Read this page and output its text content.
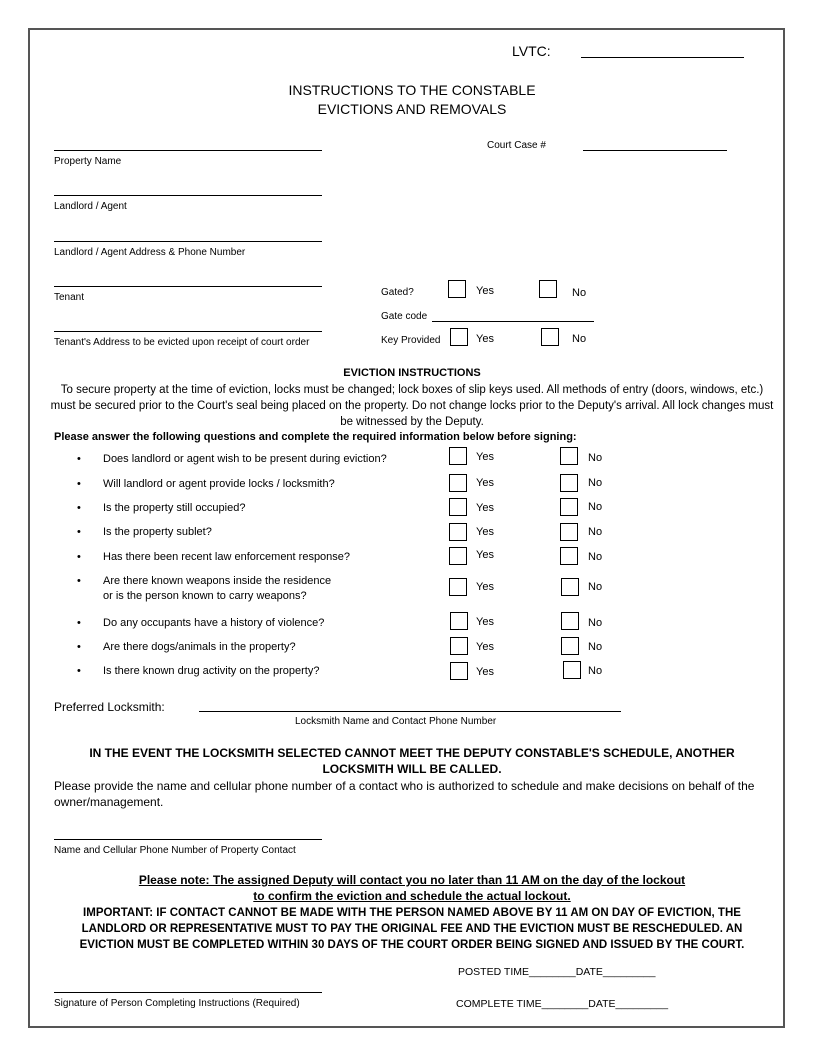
LVTC:
INSTRUCTIONS TO THE CONSTABLE
EVICTIONS AND REMOVALS
Property Name
Court Case #
Landlord / Agent
Landlord / Agent Address & Phone Number
Tenant	Gated?	Yes	No
Gate code
Tenant's Address to be evicted upon receipt of court order	Key Provided	Yes	No
EVICTION INSTRUCTIONS
To secure property at the time of eviction, locks must be changed; lock boxes of slip keys used. All methods of entry (doors, windows, etc.) must be secured prior to the Court's seal being placed on the property. Do not change locks prior to the Deputy's arrival. All lock changes must be witnessed by the Deputy.
Please answer the following questions and complete the required information below before signing:
• Does landlord or agent wish to be present during eviction?	Yes	No
• Will landlord or agent provide locks / locksmith?	Yes	No
• Is the property still occupied?	Yes	No
• Is the property sublet?	Yes	No
• Has there been recent law enforcement response?	Yes	No
• Are there known weapons inside the residence
or is the person known to carry weapons?
Yes	No
• Do any occupants have a history of violence?	Yes	No
• Are there dogs/animals in the property?	Yes	No
• Is there known drug activity on the property?	Yes	No
Preferred Locksmith:
Locksmith Name and Contact Phone Number
IN THE EVENT THE LOCKSMITH SELECTED CANNOT MEET THE DEPUTY CONSTABLE'S SCHEDULE, ANOTHER
LOCKSMITH WILL BE CALLED.
Please provide the name and cellular phone number of a contact who is authorized to schedule and make decisions on behalf of the owner/management.
Name and Cellular Phone Number of Property Contact
Please note: The assigned Deputy will contact you no later than 11 AM on the day of the lockout
to confirm the eviction and schedule the actual lockout.
IMPORTANT: IF CONTACT CANNOT BE MADE WITH THE PERSON NAMED ABOVE BY 11 AM ON DAY OF EVICTION, THE LANDLORD OR REPRESENTATIVE MUST TO PAY THE ORIGINAL FEE AND THE EVICTION MUST BE RESCHEDULED. AN EVICTION MUST BE COMPLETED WITHIN 30 DAYS OF THE COURT ORDER BEING SIGNED AND ISSUED BY THE COURT.
POSTED TIME________DATE_________
Signature of Person Completing Instructions (Required)	COMPLETE TIME________DATE_________
